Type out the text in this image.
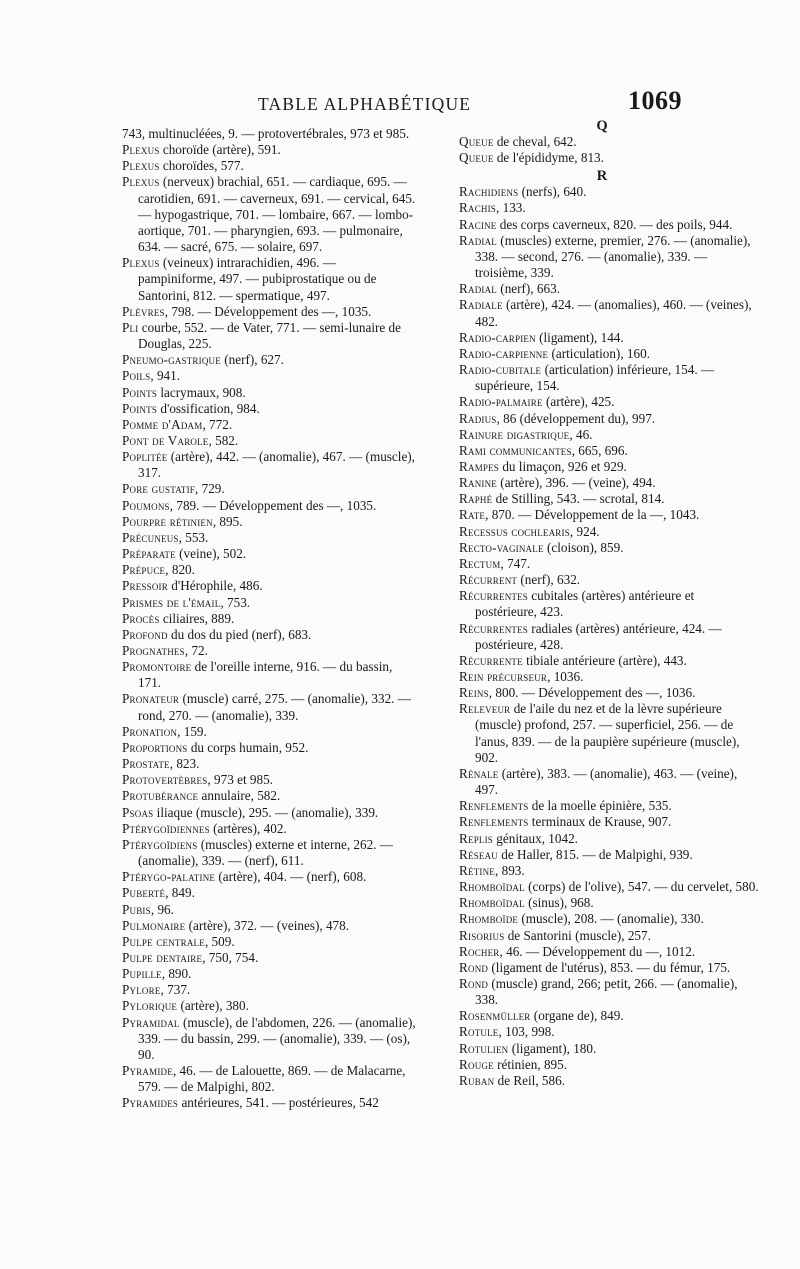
TABLE ALPHABÉTIQUE	1069

743, multinucléées, 9. — protovertébrales, 973 et 985.

Plexus choroïde (artère), 591.

Plexus choroïdes, 577.

Plexus (nerveux) brachial, 651. — cardiaque, 695. — carotidien, 691. — caverneux, 691. — cervical, 645. — hypogastrique, 701. — lombaire, 667. — lombo-aortique, 701. — pharyngien, 693. — pulmonaire, 634. — sacré, 675. — solaire, 697.

Plexus (veineux) intrarachidien, 496. — pampiniforme, 497. — pubiprostatique ou de Santorini, 812. — spermatique, 497.

Plèvres, 798. — Développement des —, 1035.

Pli courbe, 552. — de Vater, 771. — semi-lunaire de Douglas, 225.

Pneumo-gastrique (nerf), 627.

Poils, 941.

Points lacrymaux, 908.

Points d'ossification, 984.

Pomme d'Adam, 772.

Pont de Varole, 582.

Poplitée (artère), 442. — (anomalie), 467. — (muscle), 317.

Pore gustatif, 729.

Poumons, 789. — Développement des —, 1035.

Pourpre rétinien, 895.

Précuneus, 553.

Préparate (veine), 502.

Prépuce, 820.

Pressoir d'Hérophile, 486.

Prismes de l'émail, 753.

Procès ciliaires, 889.

Profond du dos du pied (nerf), 683.

Prognathes, 72.

Promontoire de l'oreille interne, 916. — du bassin, 171.

Pronateur (muscle) carré, 275. — (anomalie), 332. — rond, 270. — (anomalie), 339.

Pronation, 159.

Proportions du corps humain, 952.

Prostate, 823.

Protovertèbres, 973 et 985.

Protubérance annulaire, 582.

Psoas iliaque (muscle), 295. — (anomalie), 339.

Ptérygoïdiennes (artères), 402.

Ptérygoïdiens (muscles) externe et interne, 262. — (anomalie), 339. — (nerf), 611.

Ptérygo-palatine (artère), 404. — (nerf), 608.

Puberté, 849.

Pubis, 96.

Pulmonaire (artère), 372. — (veines), 478.

Pulpe centrale, 509.

Pulpe dentaire, 750, 754.

Pupille, 890.

Pylore, 737.

Pylorique (artère), 380.

Pyramidal (muscle), de l'abdomen, 226. — (anomalie), 339. — du bassin, 299. — (anomalie), 339. — (os), 90.

Pyramide, 46. — de Lalouette, 869. — de Malacarne, 579. — de Malpighi, 802.

Pyramides antérieures, 541. — postérieures, 542

Q

Queue de cheval, 642.

Queue de l'épididyme, 813.

R

Rachidiens (nerfs), 640.

Rachis, 133.

Racine des corps caverneux, 820. — des poils, 944.

Radial (muscles) externe, premier, 276. — (anomalie), 338. — second, 276. — (anomalie), 339. — troisième, 339.

Radial (nerf), 663.

Radiale (artère), 424. — (anomalies), 460. — (veines), 482.

Radio-carpien (ligament), 144.

Radio-carpienne (articulation), 160.

Radio-cubitale (articulation) inférieure, 154. — supérieure, 154.

Radio-palmaire (artère), 425.

Radius, 86 (développement du), 997.

Rainure digastrique, 46.

Rami communicantes, 665, 696.

Rampes du limaçon, 926 et 929.

Ranine (artère), 396. — (veine), 494.

Raphé de Stilling, 543. — scrotal, 814.

Rate, 870. — Développement de la —, 1043.

Recessus cochlearis, 924.

Recto-vaginale (cloison), 859.

Rectum, 747.

Récurrent (nerf), 632.

Récurrentes cubitales (artères) antérieure et postérieure, 423.

Récurrentes radiales (artères) antérieure, 424. — postérieure, 428.

Récurrente tibiale antérieure (artère), 443.

Rein précurseur, 1036.

Reins, 800. — Développement des —, 1036.

Releveur de l'aile du nez et de la lèvre supérieure (muscle) profond, 257. — superficiel, 256. — de l'anus, 839. — de la paupière supérieure (muscle), 902.

Rénale (artère), 383. — (anomalie), 463. — (veine), 497.

Renflements de la moelle épinière, 535.

Renflements terminaux de Krause, 907.

Replis génitaux, 1042.

Réseau de Haller, 815. — de Malpighi, 939.

Rétine, 893.

Rhomboïdal (corps) de l'olive), 547. — du cervelet, 580.

Rhomboïdal (sinus), 968.

Rhomboïde (muscle), 208. — (anomalie), 330.

Risorius de Santorini (muscle), 257.

Rocher, 46. — Développement du —, 1012.

Rond (ligament de l'utérus), 853. — du fémur, 175.

Rond (muscle) grand, 266; petit, 266. — (anomalie), 338.

Rosenmüller (organe de), 849.

Rotule, 103, 998.

Rotulien (ligament), 180.

Rouge rétinien, 895.

Ruban de Reil, 586.
